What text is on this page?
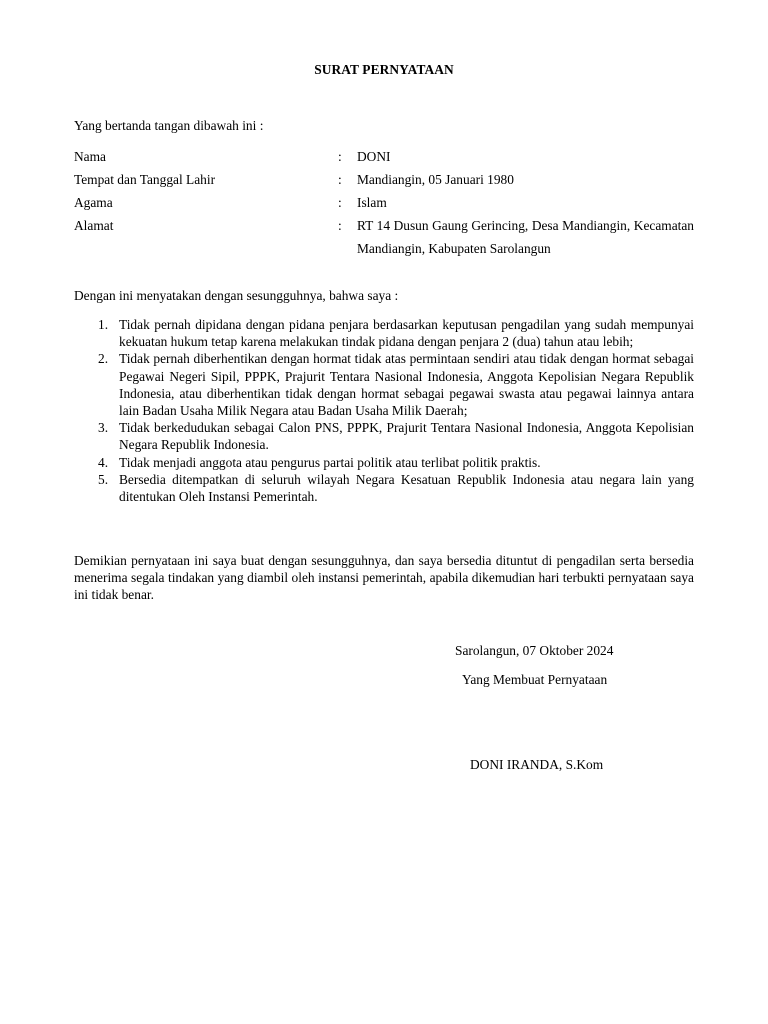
SURAT PERNYATAAN
Yang bertanda tangan dibawah ini :
Nama	:	DONI
Tempat dan Tanggal Lahir	:	Mandiangin, 05 Januari 1980
Agama	:	Islam
Alamat	:	RT 14 Dusun Gaung Gerincing, Desa Mandiangin, Kecamatan Mandiangin, Kabupaten Sarolangun
Dengan ini menyatakan dengan sesungguhnya, bahwa saya :
1. Tidak pernah dipidana dengan pidana penjara berdasarkan keputusan pengadilan yang sudah mempunyai kekuatan hukum tetap karena melakukan tindak pidana dengan penjara 2 (dua) tahun atau lebih;
2. Tidak pernah diberhentikan dengan hormat tidak atas permintaan sendiri atau tidak dengan hormat sebagai Pegawai Negeri Sipil, PPPK, Prajurit Tentara Nasional Indonesia, Anggota Kepolisian Negara Republik Indonesia, atau diberhentikan tidak dengan hormat sebagai pegawai swasta atau pegawai lainnya antara lain Badan Usaha Milik Negara atau Badan Usaha Milik Daerah;
3. Tidak berkedudukan sebagai Calon PNS, PPPK, Prajurit Tentara Nasional Indonesia, Anggota Kepolisian Negara Republik Indonesia.
4. Tidak menjadi anggota atau pengurus partai politik atau terlibat politik praktis.
5. Bersedia ditempatkan di seluruh wilayah Negara Kesatuan Republik Indonesia atau negara lain yang ditentukan Oleh Instansi Pemerintah.
Demikian pernyataan ini saya buat dengan sesungguhnya, dan saya bersedia dituntut di pengadilan serta bersedia menerima segala tindakan yang diambil oleh instansi pemerintah, apabila dikemudian hari terbukti pernyataan saya ini tidak benar.
Sarolangun, 07 Oktober 2024
Yang Membuat Pernyataan
DONI IRANDA, S.Kom
